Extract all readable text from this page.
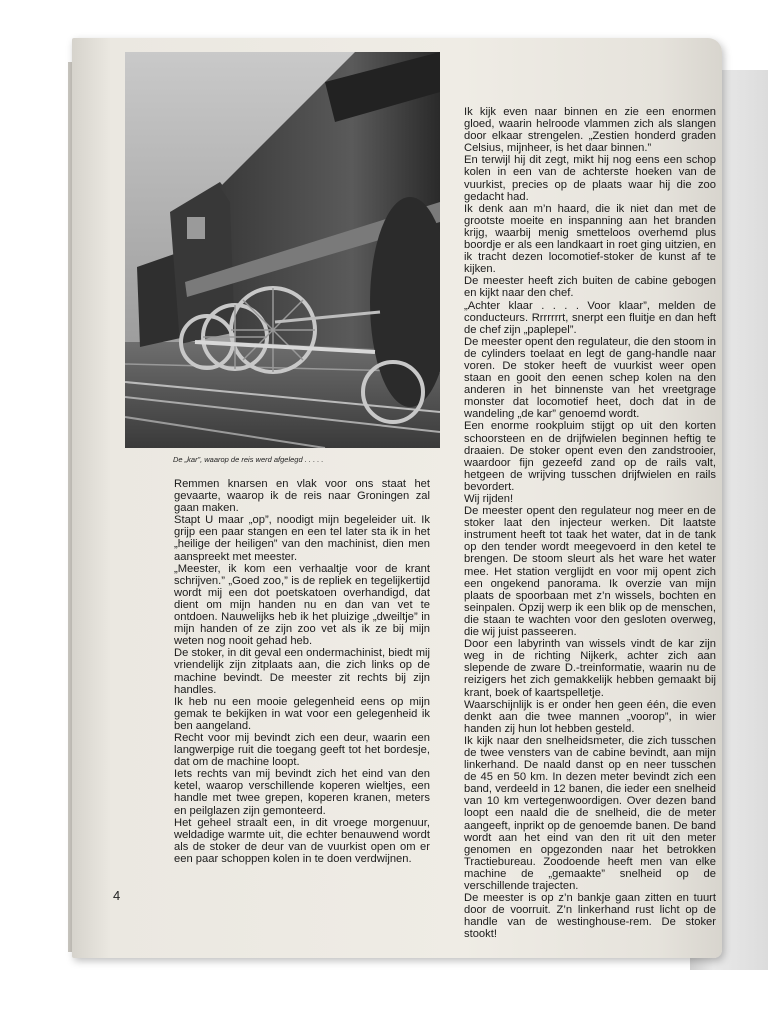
De „kar”, waarop de reis werd afgelegd . . . . .

Remmen knarsen en vlak voor ons staat het gevaarte, waarop ik de reis naar Groningen zal gaan maken.

Stapt U maar „op”, noodigt mijn begeleider uit. Ik grijp een paar stangen en een tel later sta ik in het „heilige der heiligen” van den machinist, dien men aanspreekt met meester.

„Meester, ik kom een verhaaltje voor de krant schrijven.” „Goed zoo,” is de repliek en tegelijkertijd wordt mij een dot poetskatoen overhandigd, dat dient om mijn handen nu en dan van vet te ontdoen. Nauwelijks heb ik het pluizige „dweiltje” in mijn handen of ze zijn zoo vet als ik ze bij mijn weten nog nooit gehad heb.

De stoker, in dit geval een ondermachinist, biedt mij vriendelijk zijn zitplaats aan, die zich links op de machine bevindt. De meester zit rechts bij zijn handles.

Ik heb nu een mooie gelegenheid eens op mijn gemak te bekijken in wat voor een gelegenheid ik ben aangeland.

Recht voor mij bevindt zich een deur, waarin een langwerpige ruit die toegang geeft tot het bordesje, dat om de machine loopt.

Iets rechts van mij bevindt zich het eind van den ketel, waarop verschillende koperen wieltjes, een handle met twee grepen, koperen kranen, meters en peilglazen zijn gemonteerd.

Het geheel straalt een, in dit vroege morgenuur, weldadige warmte uit, die echter benauwend wordt als de stoker de deur van de vuurkist open om er een paar schoppen kolen in te doen verdwijnen.

Ik kijk even naar binnen en zie een enormen gloed, waarin helroode vlammen zich als slangen door elkaar strengelen. „Zestien honderd graden Celsius, mijnheer, is het daar binnen.”

En terwijl hij dit zegt, mikt hij nog eens een schop kolen in een van de achterste hoeken van de vuurkist, precies op de plaats waar hij die zoo gedacht had.

Ik denk aan m’n haard, die ik niet dan met de grootste moeite en inspanning aan het branden krijg, waarbij menig smetteloos overhemd plus boordje er als een landkaart in roet ging uitzien, en ik tracht dezen locomotief-stoker de kunst af te kijken.

De meester heeft zich buiten de cabine gebogen en kijkt naar den chef.

„Achter klaar . . . . Voor klaar”, melden de conducteurs. Rrrrrrrt, snerpt een fluitje en dan heft de chef zijn „paplepel”.

De meester opent den regulateur, die den stoom in de cylinders toelaat en legt de gang-handle naar voren. De stoker heeft de vuurkist weer open staan en gooit den eenen schep kolen na den anderen in het binnenste van het vreetgrage monster dat locomotief heet, doch dat in de wandeling „de kar” genoemd wordt.

Een enorme rookpluim stijgt op uit den korten schoorsteen en de drijfwielen beginnen heftig te draaien. De stoker opent even den zandstrooier, waardoor fijn gezeefd zand op de rails valt, hetgeen de wrijving tusschen drijfwielen en rails bevordert.

Wij rijden!

De meester opent den regulateur nog meer en de stoker laat den injecteur werken. Dit laatste instrument heeft tot taak het water, dat in de tank op den tender wordt meegevoerd in den ketel te brengen. De stoom sleurt als het ware het water mee. Het station verglijdt en voor mij opent zich een ongekend panorama. Ik overzie van mijn plaats de spoorbaan met z’n wissels, bochten en seinpalen. Opzij werp ik een blik op de menschen, die staan te wachten voor den gesloten overweg, die wij juist passeeren.

Door een labyrinth van wissels vindt de kar zijn weg in de richting Nijkerk, achter zich aan slepende de zware D.-treinformatie, waarin nu de reizigers het zich gemakkelijk hebben gemaakt bij krant, boek of kaartspelletje.

Waarschijnlijk is er onder hen geen één, die even denkt aan die twee mannen „voorop”, in wier handen zij hun lot hebben gesteld.

Ik kijk naar den snelheidsmeter, die zich tusschen de twee vensters van de cabine bevindt, aan mijn linkerhand. De naald danst op en neer tusschen de 45 en 50 km. In dezen meter bevindt zich een band, verdeeld in 12 banen, die ieder een snelheid van 10 km vertegenwoordigen. Over dezen band loopt een naald die de snelheid, die de meter aangeeft, inprikt op de genoemde banen. De band wordt aan het eind van den rit uit den meter genomen en opgezonden naar het betrokken Tractiebureau. Zoodoende heeft men van elke machine de „gemaakte” snelheid op de verschillende trajecten.

De meester is op z’n bankje gaan zitten en tuurt door de voorruit. Z’n linkerhand rust licht op de handle van de westinghouse-rem. De stoker stookt!

4
